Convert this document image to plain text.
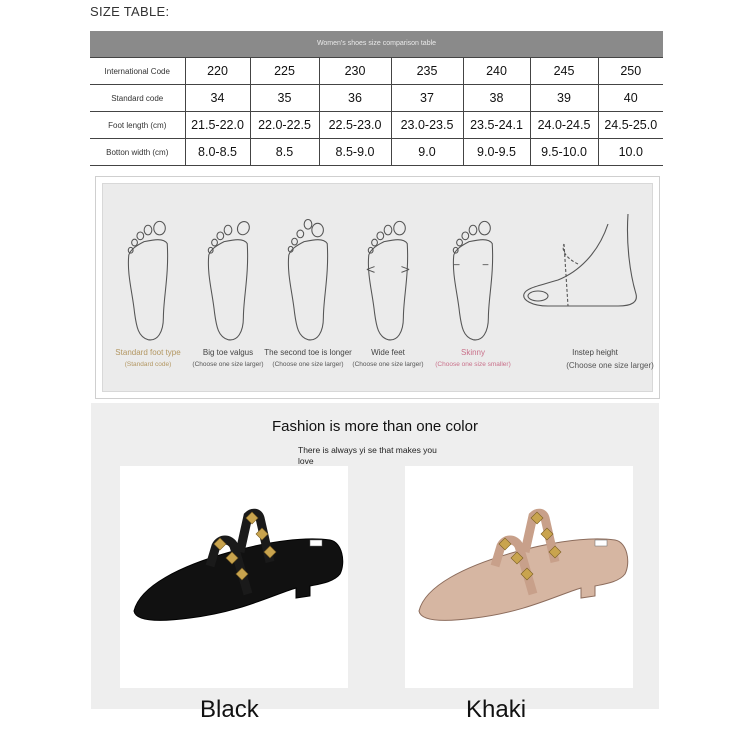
SIZE TABLE:
Women's shoes size comparison table
International Code	220	225	230	235	240	245	250
Standard code	34	35	36	37	38	39	40
Foot length (cm)	21.5-22.0	22.0-22.5	22.5-23.0	23.0-23.5	23.5-24.1	24.0-24.5	24.5-25.0
Botton width (cm)	8.0-8.5	8.5	8.5-9.0	9.0	9.0-9.5	9.5-10.0	10.0
Standard foot type
(Standard code)
Big toe valgus
(Choose one size larger)
The second toe is longer
(Choose one size larger)
Wide feet
(Choose one size larger)
Skinny
(Choose one size smaller)
Instep height
(Choose one size larger)
Fashion is more than one color
There is always yi se that makes you love
Black	Khaki
